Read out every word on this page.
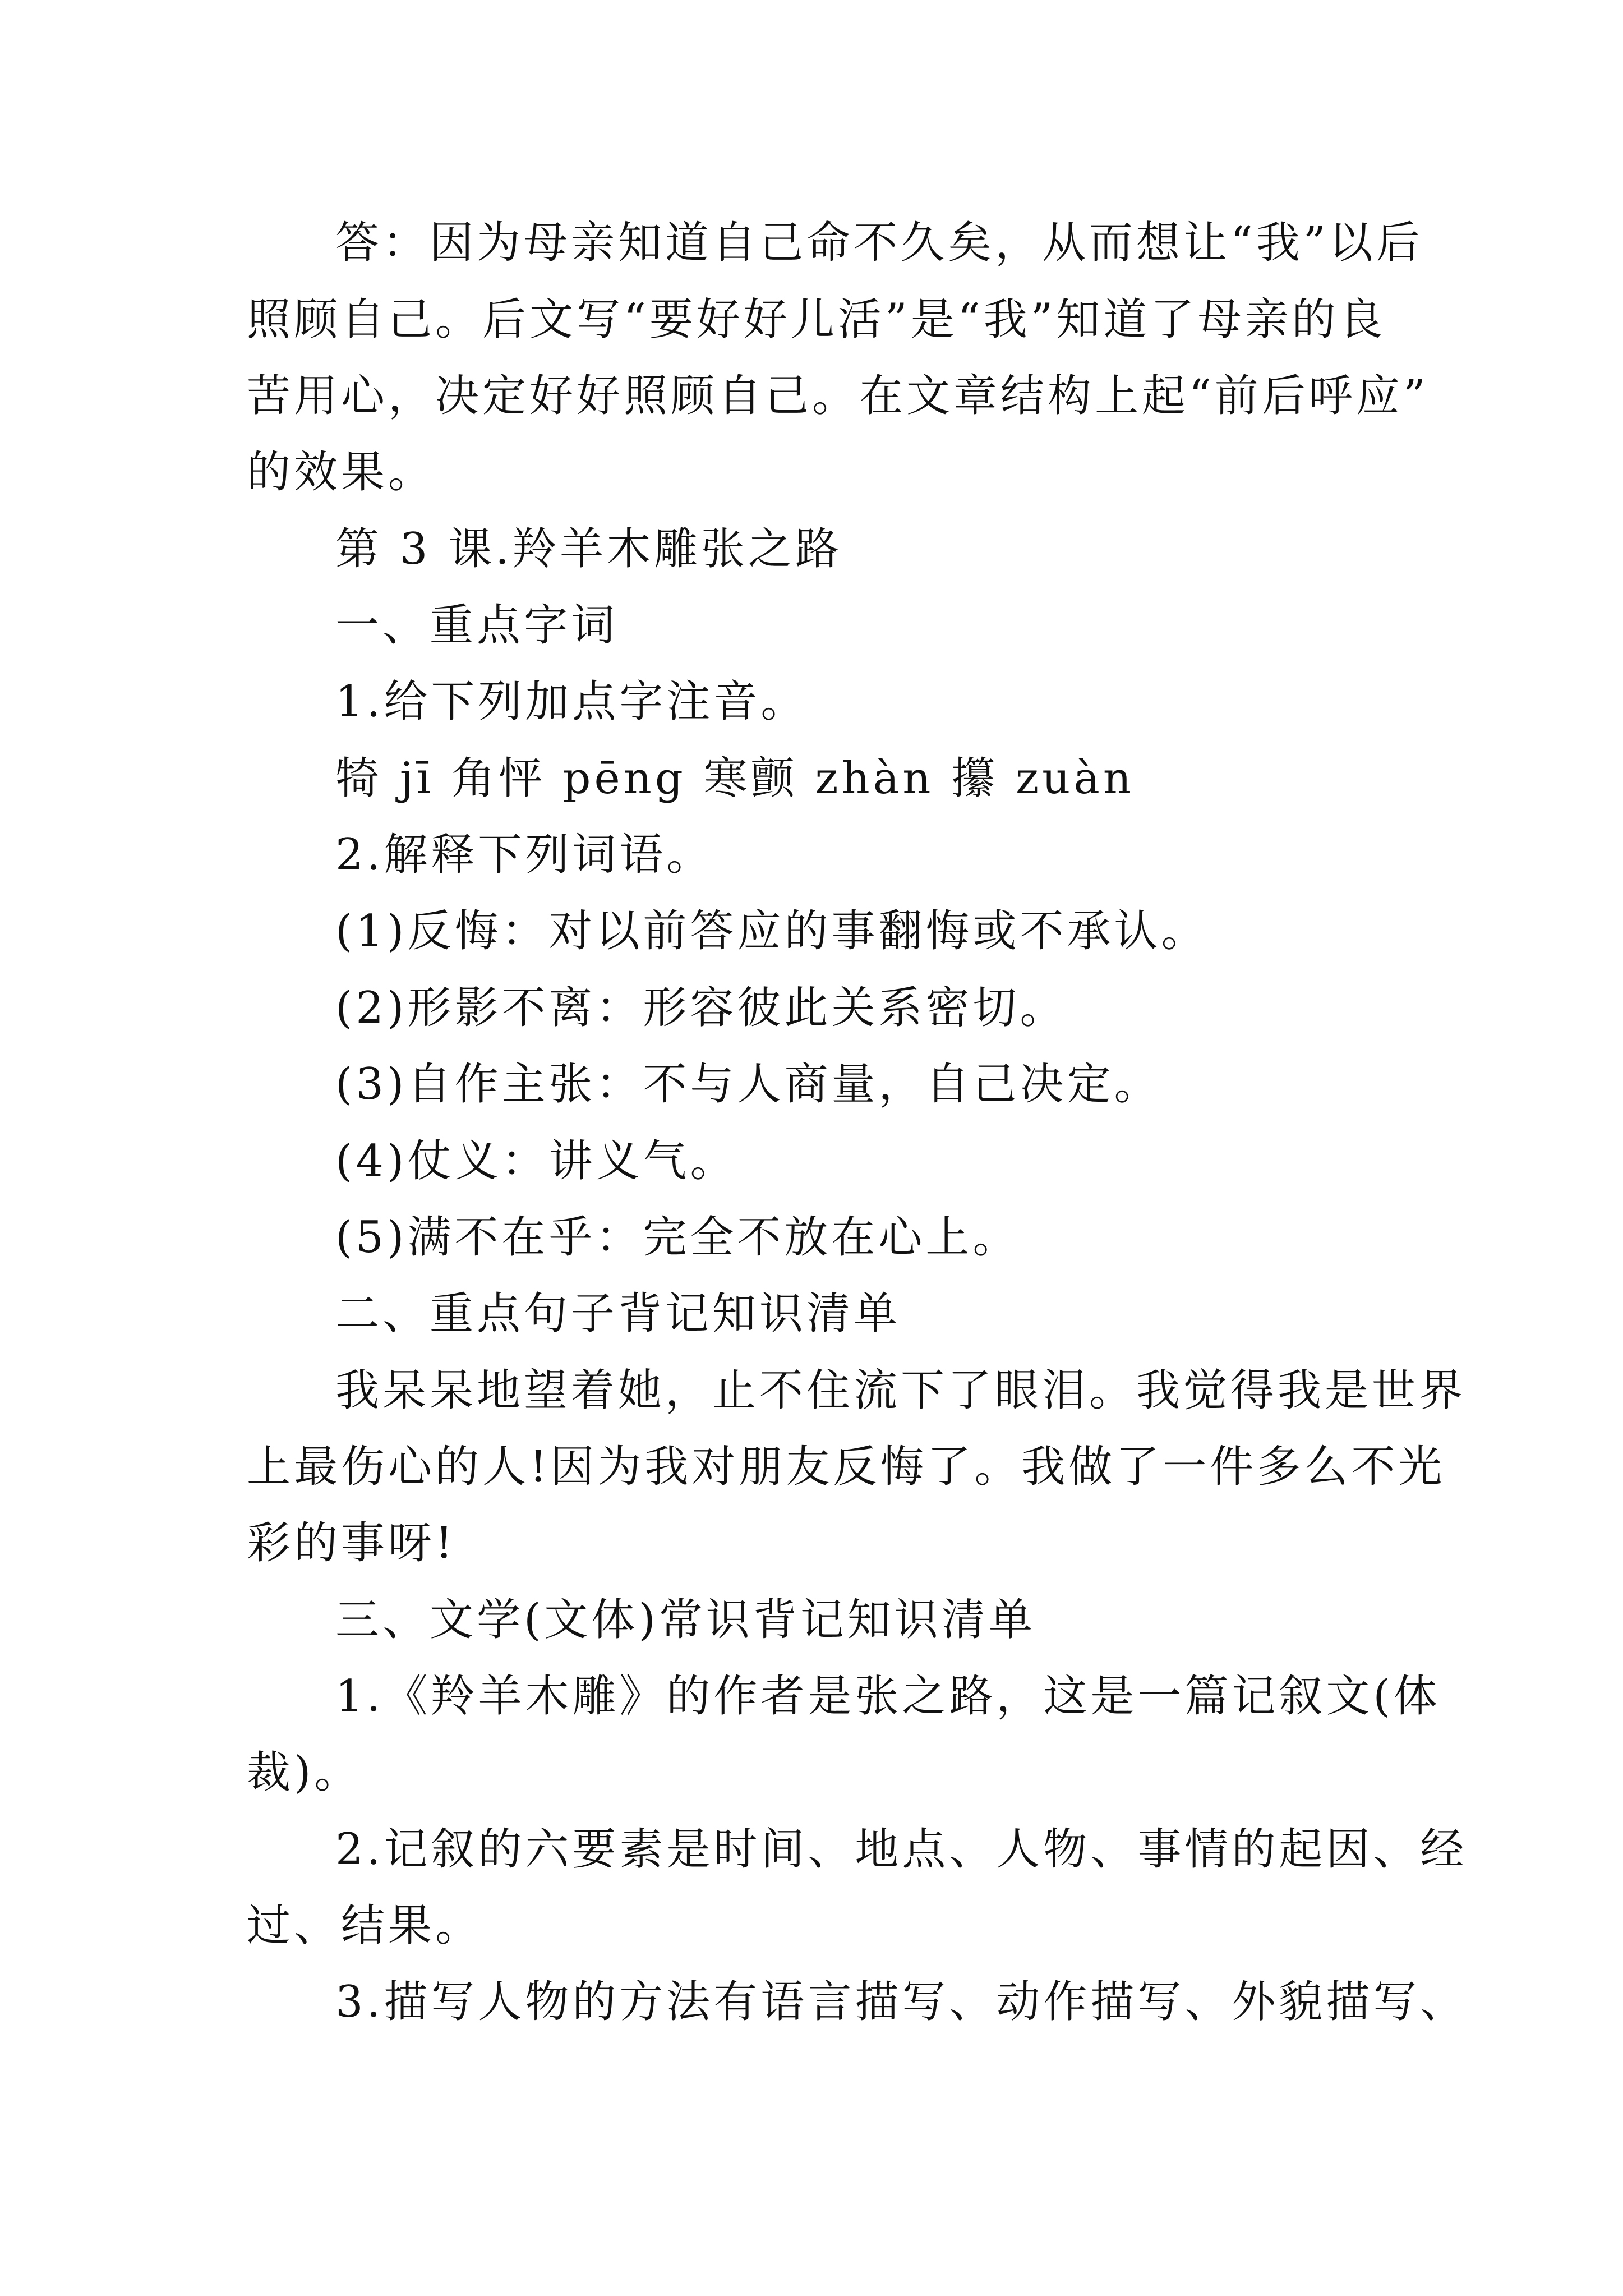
答：因为母亲知道自己命不久矣，从而想让“我”以后
照顾自己。后文写“要好好儿活”是“我”知道了母亲的良
苦用心，决定好好照顾自己。在文章结构上起“前后呼应”
的效果。
第 3 课.羚羊木雕张之路
一、重点字词
1.给下列加点字注音。
犄 jī 角怦 pēng 寒颤 zhàn 攥 zuàn
2.解释下列词语。
(1)反悔：对以前答应的事翻悔或不承认。
(2)形影不离：形容彼此关系密切。
(3)自作主张：不与人商量，自己决定。
(4)仗义：讲义气。
(5)满不在乎：完全不放在心上。
二、重点句子背记知识清单
我呆呆地望着她，止不住流下了眼泪。我觉得我是世界
上最伤心的人!因为我对朋友反悔了。我做了一件多么不光
彩的事呀!
三、文学(文体)常识背记知识清单
1.《羚羊木雕》的作者是张之路，这是一篇记叙文(体
裁)。
2.记叙的六要素是时间、地点、人物、事情的起因、经
过、结果。
3.描写人物的方法有语言描写、动作描写、外貌描写、
